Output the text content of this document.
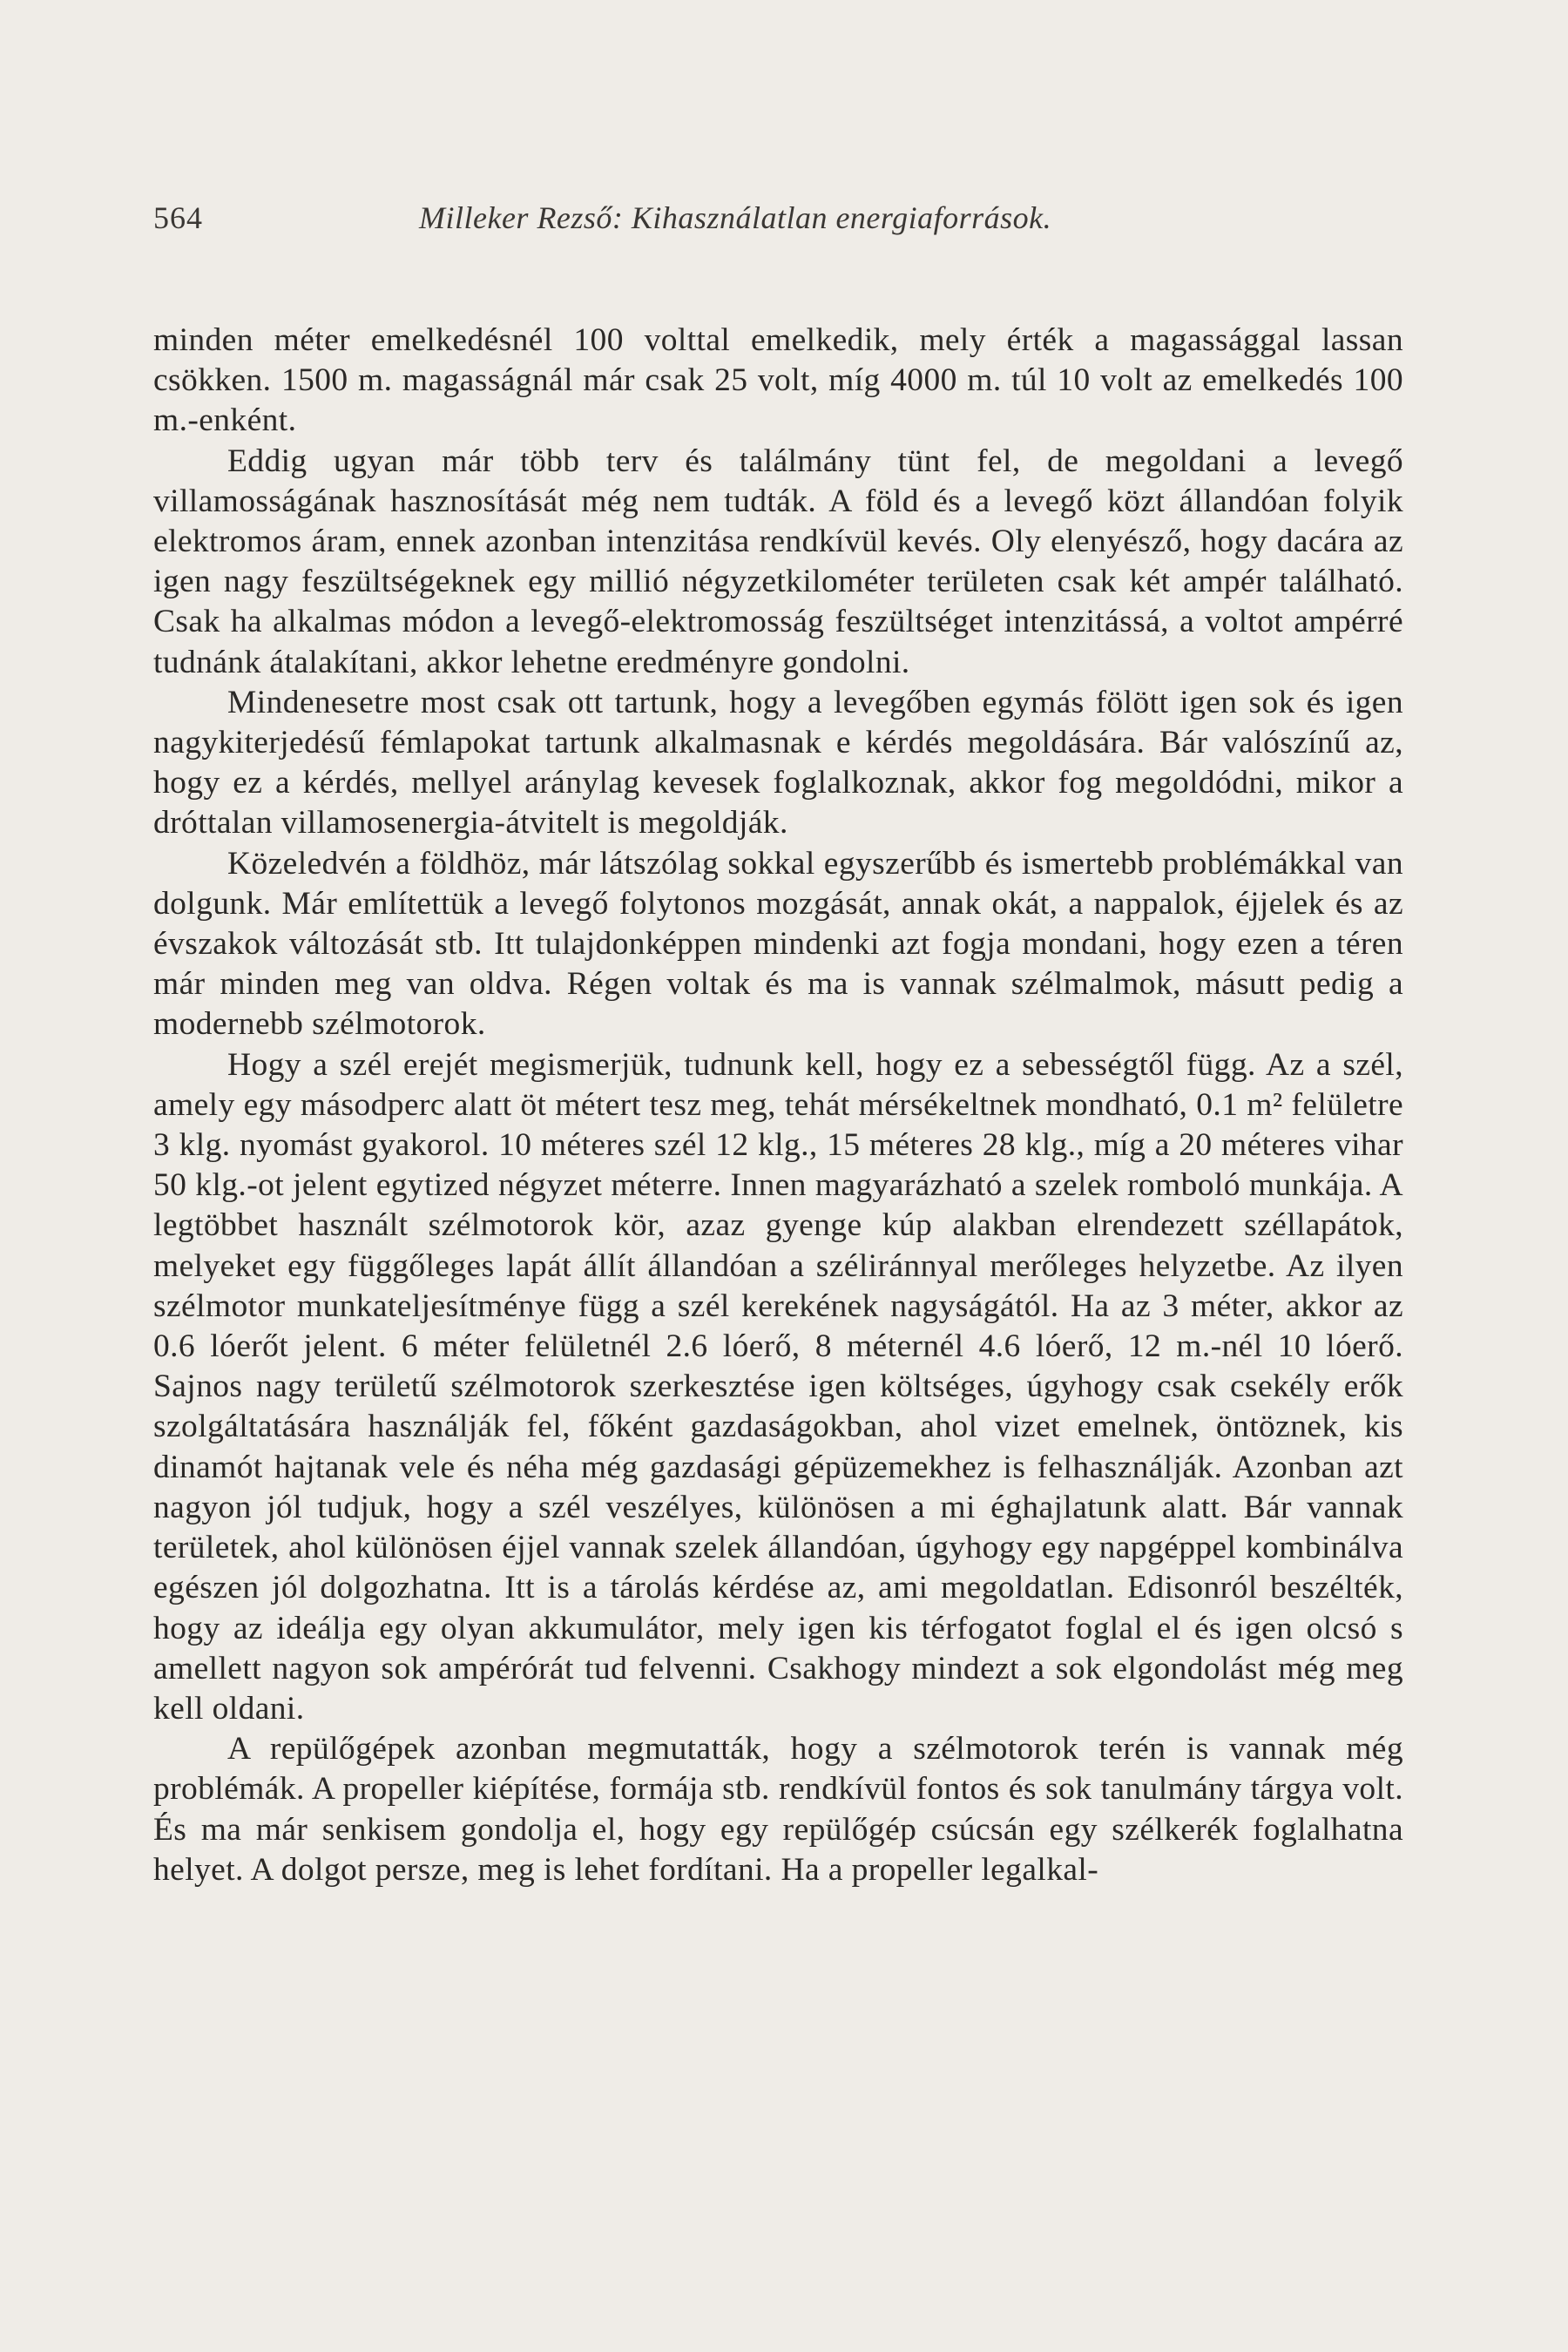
564	Milleker Rezső: Kihasználatlan energiaforrások.

minden méter emelkedésnél 100 volttal emelkedik, mely érték a magassággal lassan csökken. 1500 m. magasságnál már csak 25 volt, míg 4000 m. túl 10 volt az emelkedés 100 m.-enként.

Eddig ugyan már több terv és találmány tünt fel, de megoldani a levegő villamosságának hasznosítását még nem tudták. A föld és a levegő közt állandóan folyik elektromos áram, ennek azonban intenzitása rendkívül kevés. Oly elenyésző, hogy dacára az igen nagy feszültségeknek egy millió négyzetkilométer területen csak két ampér található. Csak ha alkalmas módon a levegő-elektromosság feszültséget intenzitássá, a voltot ampérré tudnánk átalakítani, akkor lehetne eredményre gondolni.

Mindenesetre most csak ott tartunk, hogy a levegőben egymás fölött igen sok és igen nagykiterjedésű fémlapokat tartunk alkalmasnak e kérdés megoldására. Bár valószínű az, hogy ez a kérdés, mellyel aránylag kevesek foglalkoznak, akkor fog megoldódni, mikor a dróttalan villamosenergia-átvitelt is megoldják.

Közeledvén a földhöz, már látszólag sokkal egyszerűbb és ismertebb problémákkal van dolgunk. Már említettük a levegő folytonos mozgását, annak okát, a nappalok, éjjelek és az évszakok változását stb. Itt tulajdonképpen mindenki azt fogja mondani, hogy ezen a téren már minden meg van oldva. Régen voltak és ma is vannak szélmalmok, másutt pedig a modernebb szélmotorok.

Hogy a szél erejét megismerjük, tudnunk kell, hogy ez a sebességtől függ. Az a szél, amely egy másodperc alatt öt métert tesz meg, tehát mérsékeltnek mondható, 0.1 m² felületre 3 klg. nyomást gyakorol. 10 méteres szél 12 klg., 15 méteres 28 klg., míg a 20 méteres vihar 50 klg.-ot jelent egytized négyzet méterre. Innen magyarázható a szelek romboló munkája. A legtöbbet használt szélmotorok kör, azaz gyenge kúp alakban elrendezett széllapátok, melyeket egy függőleges lapát állít állandóan a széliránnyal merőleges helyzetbe. Az ilyen szélmotor munkateljesítménye függ a szél kerekének nagyságától. Ha az 3 méter, akkor az 0.6 lóerőt jelent. 6 méter felületnél 2.6 lóerő, 8 méternél 4.6 lóerő, 12 m.-nél 10 lóerő. Sajnos nagy területű szélmotorok szerkesztése igen költséges, úgyhogy csak csekély erők szolgáltatására használják fel, főként gazdaságokban, ahol vizet emelnek, öntöznek, kis dinamót hajtanak vele és néha még gazdasági gépüzemekhez is felhasználják. Azonban azt nagyon jól tudjuk, hogy a szél veszélyes, különösen a mi éghajlatunk alatt. Bár vannak területek, ahol különösen éjjel vannak szelek állandóan, úgyhogy egy napgéppel kombinálva egészen jól dolgozhatna. Itt is a tárolás kérdése az, ami megoldatlan. Edisonról beszélték, hogy az ideálja egy olyan akkumulátor, mely igen kis térfogatot foglal el és igen olcsó s amellett nagyon sok ampérórát tud felvenni. Csakhogy mindezt a sok elgondolást még meg kell oldani.

A repülőgépek azonban megmutatták, hogy a szélmotorok terén is vannak még problémák. A propeller kiépítése, formája stb. rendkívül fontos és sok tanulmány tárgya volt. És ma már senkisem gondolja el, hogy egy repülőgép csúcsán egy szélkerék foglalhatna helyet. A dolgot persze, meg is lehet fordítani. Ha a propeller legalkal-
